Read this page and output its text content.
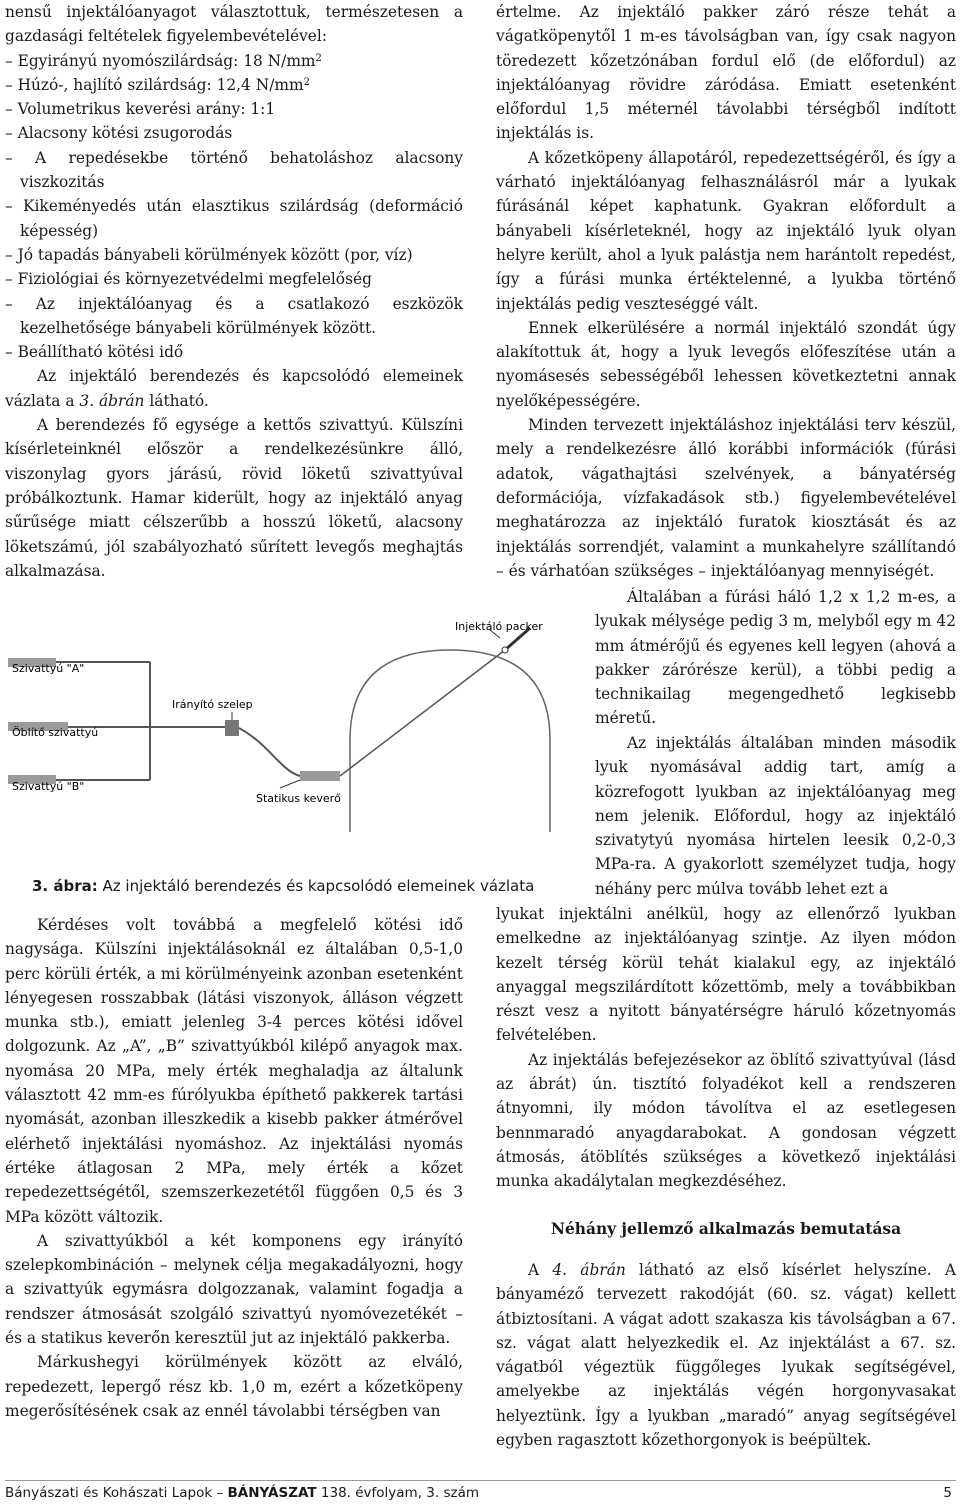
nensű injektálóanyagot választottuk, természetesen a gazdasági feltételek figyelembevételével:

– Egyirányú nyomószilárdság: 18 $N/mm^2$

– Húzó-, hajlító szilárdság: 12,4 $N/mm^2$

– Volumetrikus keverési arány: 1:1

– Alacsony kötési zsugorodás

– A repedésekbe történő behatoláshoz alacsony viszkozitás

– Kikeményedés után elasztikus szilárdság (deformáció képesség)

– Jó tapadás bányabeli körülmények között (por, víz)

– Fiziológiai és környezetvédelmi megfelelőség

– Az injektálóanyag és a csatlakozó eszközök kezelhetősége bányabeli körülmények között.

– Beállítható kötési idő

Az injektáló berendezés és kapcsolódó elemeinek vázlata a 3. ábrán látható.

A berendezés fő egysége a kettős szivattyú. Külszíni kísérleteinknél először a rendelkezésünkre álló, viszonylag gyors járású, rövid löketű szivattyúval próbálkoztunk. Hamar kiderült, hogy az injektáló anyag sűrűsége miatt célszerűbb a hosszú löketű, alacsony löketszámú, jól szabályozható sűrített levegős meghajtás alkalmazása.

Kérdéses volt továbbá a megfelelő kötési idő nagysága. Külszíni injektálásoknál ez általában 0,5-1,0 perc körüli érték, a mi körülményeink azonban esetenként lényegesen rosszabbak (látási viszonyok, álláson végzett munka stb.), emiatt jelenleg 3-4 perces kötési idővel dolgozunk. Az „A”, „B” szivattyúkból kilépő anyagok max. nyomása 20 MPa, mely érték meghaladja az általunk választott 42 mm-es fúrólyukba építhető pakkerek tartási nyomását, azonban illeszkedik a kisebb pakker átmérővel elérhető injektálási nyomáshoz. Az injektálási nyomás értéke átlagosan 2 MPa, mely érték a kőzet repedezettségétől, szemszerkezetétől függően 0,5 és 3 MPa között változik.

A szivattyúkból a két komponens egy irányító szelepkombináción – melynek célja megakadályozni, hogy a szivattyúk egymásra dolgozzanak, valamint fogadja a rendszer átmosását szolgáló szivattyú nyomóvezetékét – és a statikus keverőn keresztül jut az injektáló pakkerba.

Márkushegyi körülmények között az elváló, repedezett, lepergő rész kb. 1,0 m, ezért a kőzetköpeny megerősítésének csak az ennél távolabbi térségben van

Szivattyú "A"
Öblítő szivattyú
Szivattyú "B"
Irányító szelep
Statikus keverő
Injektáló packer

3. ábra: Az injektáló berendezés és kapcsolódó elemeinek vázlata

értelme. Az injektáló pakker záró része tehát a vágatköpenytől 1 m-es távolságban van, így csak nagyon töredezett kőzetzónában fordul elő (de előfordul) az injektálóanyag rövidre záródása. Emiatt esetenként előfordul 1,5 méternél távolabbi térségből indított injektálás is.

A kőzetköpeny állapotáról, repedezettségéről, és így a várható injektálóanyag felhasználásról már a lyukak fúrásánál képet kaphatunk. Gyakran előfordult a bányabeli kísérleteknél, hogy az injektáló lyuk olyan helyre került, ahol a lyuk palástja nem harántolt repedést, így a fúrási munka értéktelenné, a lyukba történő injektálás pedig veszteséggé vált.

Ennek elkerülésére a normál injektáló szondát úgy alakítottuk át, hogy a lyuk levegős előfeszítése után a nyomásesés sebességéből lehessen következtetni annak nyelőképességére.

Minden tervezett injektáláshoz injektálási terv készül, mely a rendelkezésre álló korábbi információk (fúrási adatok, vágathajtási szelvények, a bányatérség deformációja, vízfakadások stb.) figyelembevételével meghatározza az injektáló furatok kiosztását és az injektálás sorrendjét, valamint a munkahelyre szállítandó – és várhatóan szükséges – injektálóanyag mennyiségét.

Általában a fúrási háló 1,2 x 1,2 m-es, a lyukak mélysége pedig 3 m, melyből egy m 42 mm átmérőjű és egyenes kell legyen (ahová a pakker zárórésze kerül), a többi pedig a technikailag megengedhető legkisebb méretű.

Az injektálás általában minden második lyuk nyomásával addig tart, amíg a közrefogott lyukban az injektálóanyag meg nem jelenik. Előfordul, hogy az injektáló szivatytyú nyomása hirtelen leesik 0,2-0,3 MPa-ra. A gyakorlott személyzet tudja, hogy néhány perc múlva tovább lehet ezt a

lyukat injektálni anélkül, hogy az ellenőrző lyukban emelkedne az injektálóanyag szintje. Az ilyen módon kezelt térség körül tehát kialakul egy, az injektáló anyaggal megszilárdított kőzettömb, mely a továbbikban részt vesz a nyitott bányatérségre háruló kőzetnyomás felvételében.

Az injektálás befejezésekor az öblítő szivattyúval (lásd az ábrát) ún. tisztító folyadékot kell a rendszeren átnyomni, ily módon távolítva el az esetlegesen bennmaradó anyagdarabokat. A gondosan végzett átmosás, átöblítés szükséges a következő injektálási munka akadálytalan megkezdéséhez.

Néhány jellemző alkalmazás bemutatása

A 4. ábrán látható az első kísérlet helyszíne. A bányaméző tervezett rakodóját (60. sz. vágat) kellett átbiztosítani. A vágat adott szakasza kis távolságban a 67. sz. vágat alatt helyezkedik el. Az injektálást a 67. sz. vágatból végeztük függőleges lyukak segítségével, amelyekbe az injektálás végén horgonyvasakat helyeztünk. Így a lyukban „maradó” anyag segítségével egyben ragasztott kőzethorgonyok is beépültek.

Bányászati és Kohászati Lapok – BÁNYÁSZAT 138. évfolyam, 3. szám	5
